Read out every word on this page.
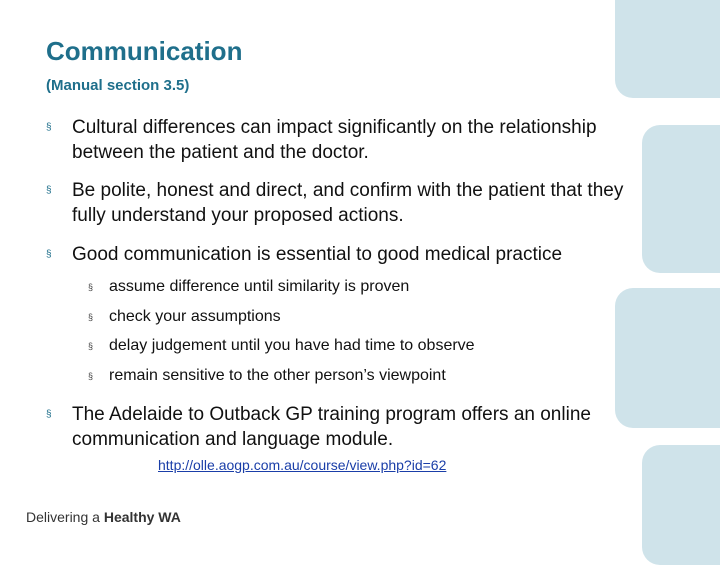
Communication
(Manual section 3.5)
§	Cultural differences can impact significantly on the relationship between the patient and the doctor.
§	Be polite, honest and direct, and confirm with the patient that they fully understand your proposed actions.
§	Good communication is essential to good medical practice
§ assume difference until similarity is proven
§ check your assumptions
§ delay judgement until you have had time to observe
§ remain sensitive to the other person’s viewpoint
§	The Adelaide to Outback GP training program offers an online communication and language module.
http://olle.aogp.com.au/course/view.php?id=62
Delivering a Healthy WA
